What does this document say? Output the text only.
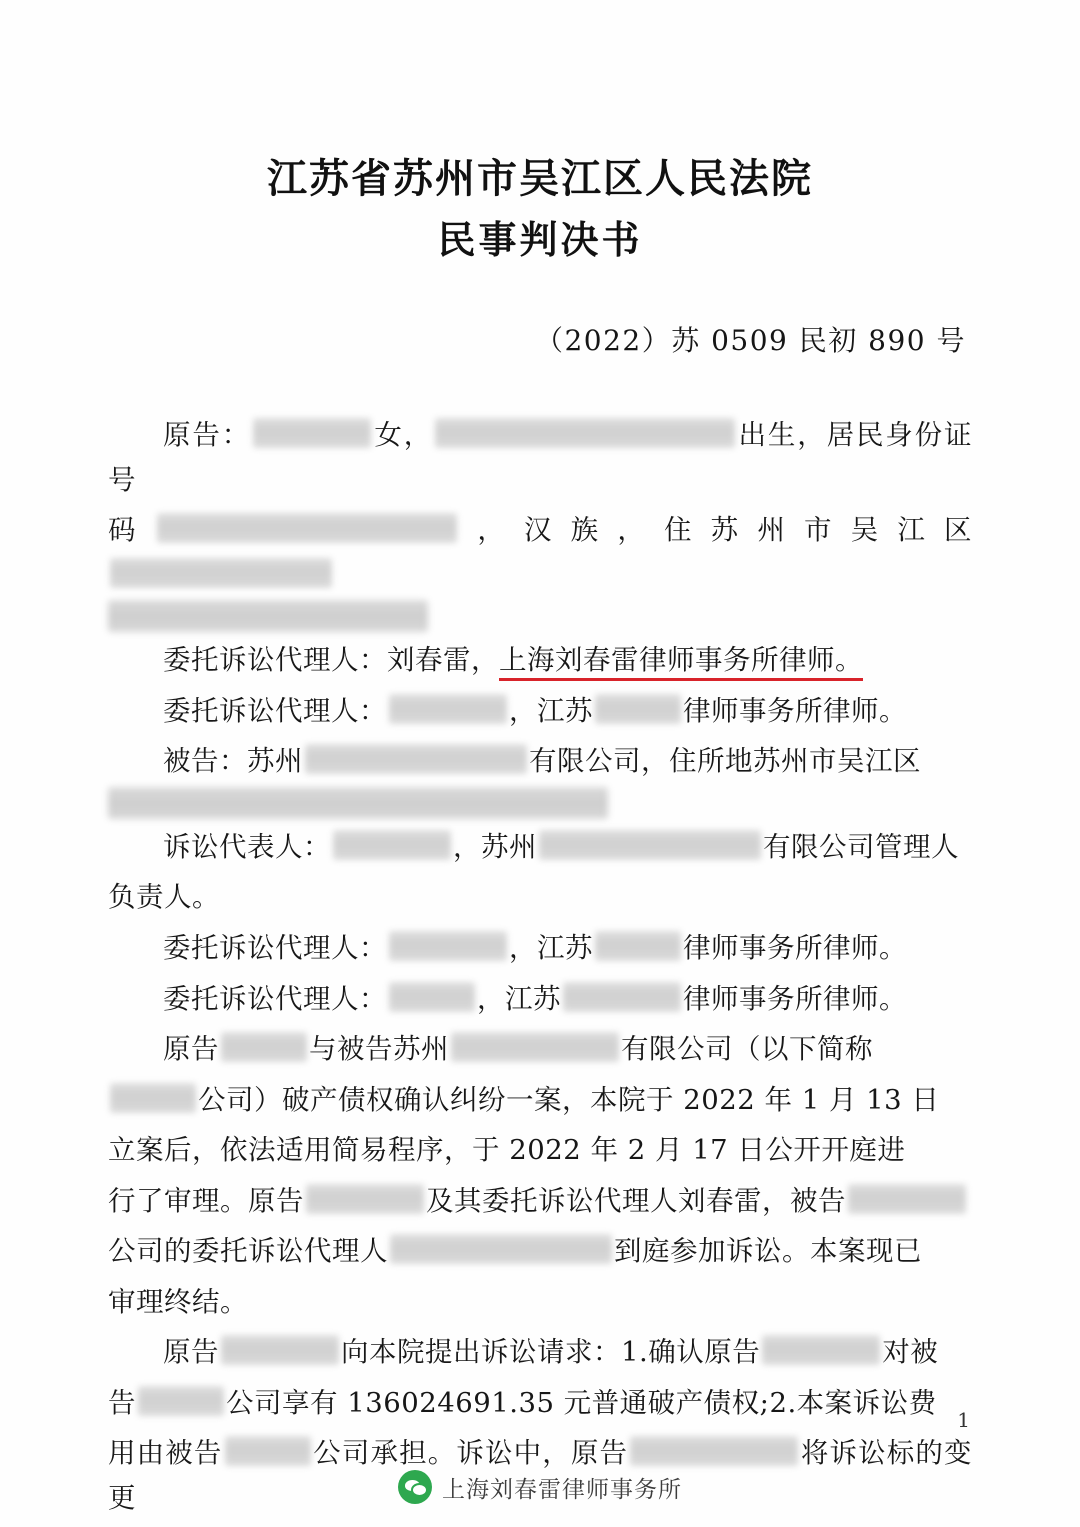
江苏省苏州市吴江区人民法院
民事判决书
（2022）苏 0509 民初 890 号
原告：	女，	出生，居民身份证号
码	，汉族，住苏州市吴江区
委托诉讼代理人：刘春雷，上海刘春雷律师事务所律师。
委托诉讼代理人：	，江苏	律师事务所律师。
被告：苏州	有限公司，住所地苏州市吴江区
诉讼代表人：	，苏州	有限公司管理人
负责人。
委托诉讼代理人：	，江苏	律师事务所律师。
委托诉讼代理人：	，江苏	律师事务所律师。
原告	与被告苏州	有限公司（以下简称
公司）破产债权确认纠纷一案，本院于 2022 年 1 月 13 日
立案后，依法适用简易程序，于 2022 年 2 月 17 日公开开庭进
行了审理。原告	及其委托诉讼代理人刘春雷，被告
公司的委托诉讼代理人	到庭参加诉讼。本案现已
审理终结。
原告	向本院提出诉讼请求：1.确认原告	对被
告	公司享有 136024691.35 元普通破产债权;2.本案诉讼费
用由被告	公司承担。诉讼中，原告	将诉讼标的变更
1
上海刘春雷律师事务所
